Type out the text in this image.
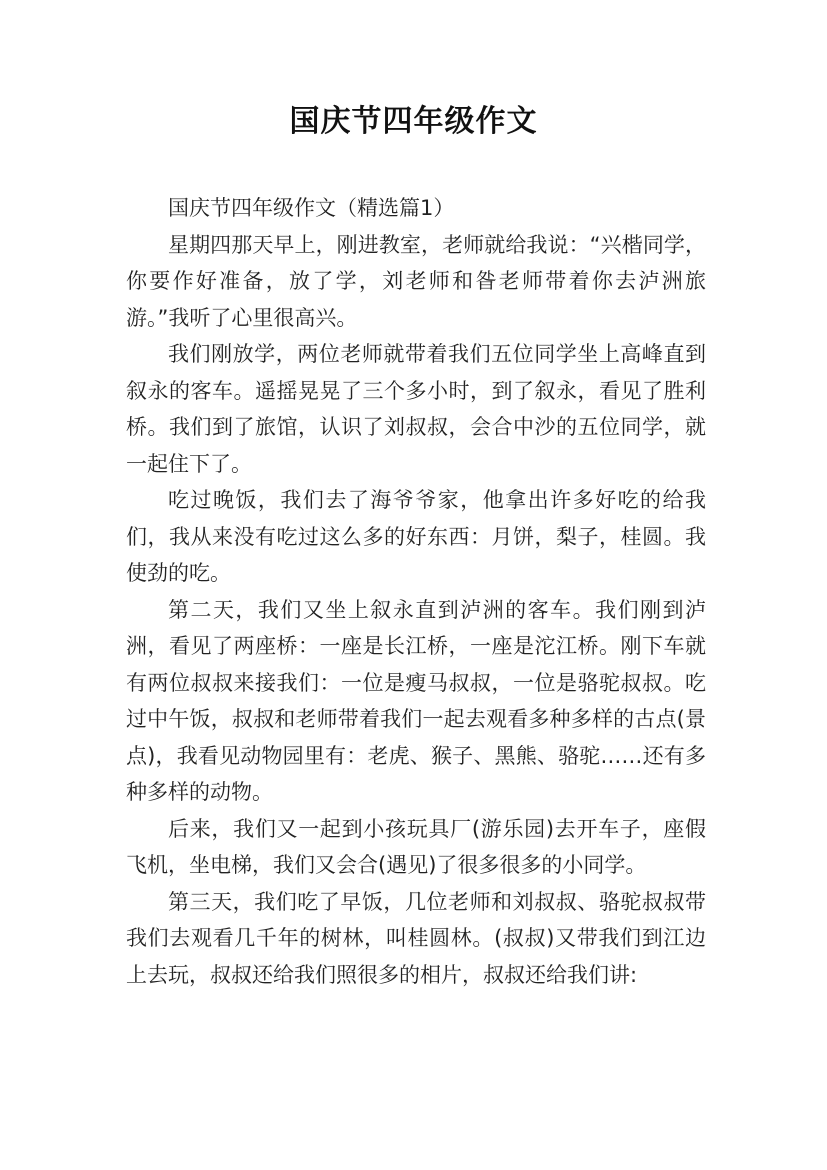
国庆节四年级作文

国庆节四年级作文（精选篇1）

星期四那天早上，刚进教室，老师就给我说：“兴楷同学，你要作好准备，放了学，刘老师和昝老师带着你去泸洲旅游。”我听了心里很高兴。

我们刚放学，两位老师就带着我们五位同学坐上高峰直到叙永的客车。遥摇晃晃了三个多小时，到了叙永，看见了胜利桥。我们到了旅馆，认识了刘叔叔，会合中沙的五位同学，就一起住下了。

吃过晚饭，我们去了海爷爷家，他拿出许多好吃的给我们，我从来没有吃过这么多的好东西：月饼，梨子，桂圆。我使劲的吃。

第二天，我们又坐上叙永直到泸洲的客车。我们刚到泸洲，看见了两座桥：一座是长江桥，一座是沱江桥。刚下车就有两位叔叔来接我们：一位是瘦马叔叔，一位是骆驼叔叔。吃过中午饭，叔叔和老师带着我们一起去观看多种多样的古点(景点)，我看见动物园里有：老虎、猴子、黑熊、骆驼……还有多种多样的动物。

后来，我们又一起到小孩玩具厂(游乐园)去开车子，座假飞机，坐电梯，我们又会合(遇见)了很多很多的小同学。

第三天，我们吃了早饭，几位老师和刘叔叔、骆驼叔叔带我们去观看几千年的树林，叫桂圆林。(叔叔)又带我们到江边上去玩，叔叔还给我们照很多的相片，叔叔还给我们讲:
